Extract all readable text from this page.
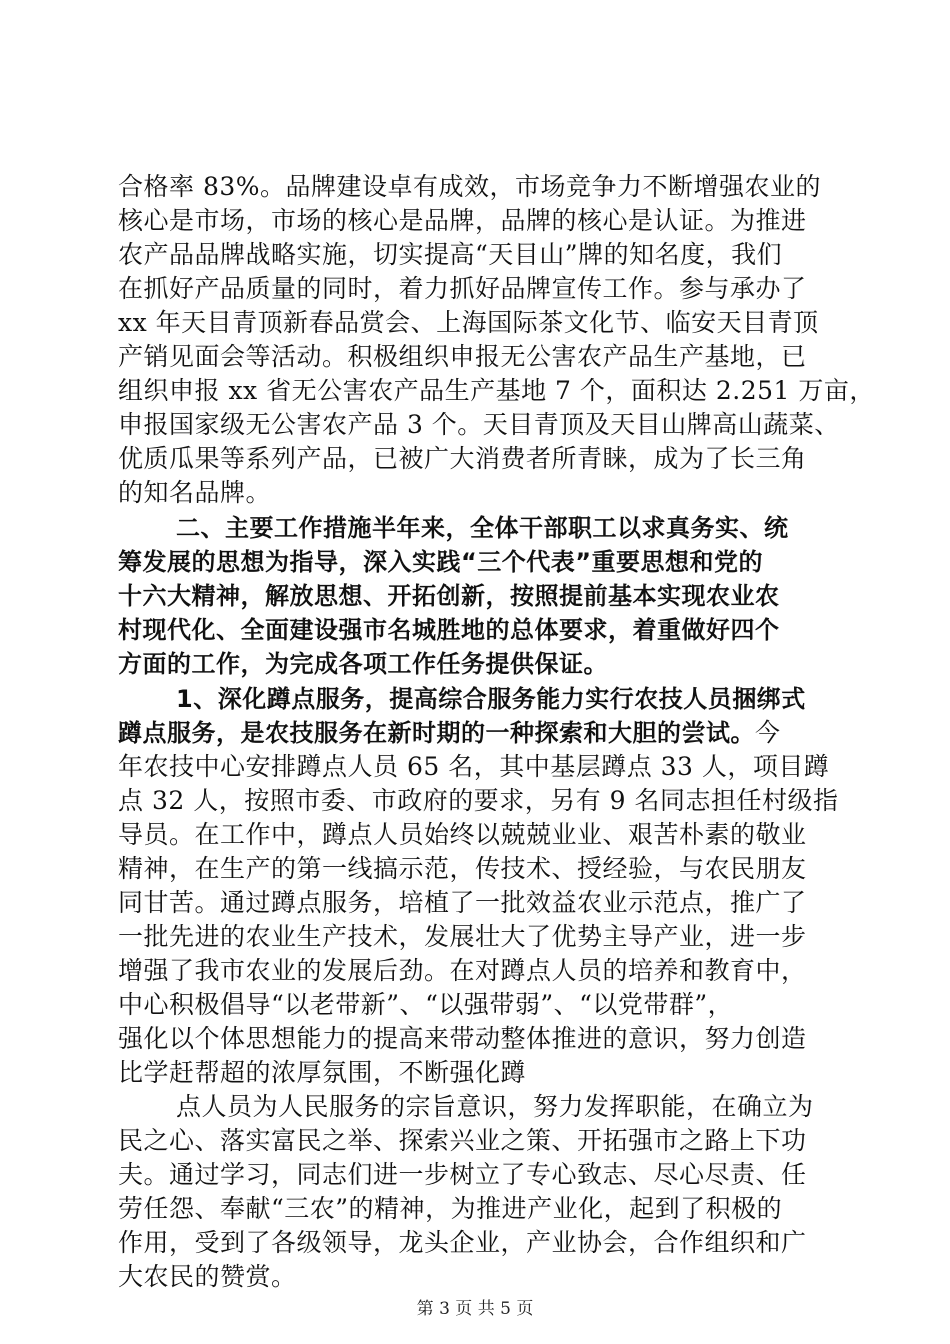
合格率 83%。品牌建设卓有成效，市场竞争力不断增强农业的
核心是市场，市场的核心是品牌，品牌的核心是认证。为推进
农产品品牌战略实施，切实提高“天目山”牌的知名度，我们
在抓好产品质量的同时，着力抓好品牌宣传工作。参与承办了
xx 年天目青顶新春品赏会、上海国际茶文化节、临安天目青顶
产销见面会等活动。积极组织申报无公害农产品生产基地，已
组织申报 xx 省无公害农产品生产基地 7 个，面积达 2.251 万亩，
申报国家级无公害农产品 3 个。天目青顶及天目山牌高山蔬菜、
优质瓜果等系列产品，已被广大消费者所青睐，成为了长三角
的知名品牌。
二、主要工作措施半年来，全体干部职工以求真务实、统
筹发展的思想为指导，深入实践“三个代表”重要思想和党的
十六大精神，解放思想、开拓创新，按照提前基本实现农业农
村现代化、全面建设强市名城胜地的总体要求，着重做好四个
方面的工作，为完成各项工作任务提供保证。
1、深化蹲点服务，提高综合服务能力实行农技人员捆绑式
蹲点服务，是农技服务在新时期的一种探索和大胆的尝试。今
年农技中心安排蹲点人员 65 名，其中基层蹲点 33 人，项目蹲
点 32 人，按照市委、市政府的要求，另有 9 名同志担任村级指
导员。在工作中，蹲点人员始终以兢兢业业、艰苦朴素的敬业
精神，在生产的第一线搞示范，传技术、授经验，与农民朋友
同甘苦。通过蹲点服务，培植了一批效益农业示范点，推广了
一批先进的农业生产技术，发展壮大了优势主导产业，进一步
增强了我市农业的发展后劲。在对蹲点人员的培养和教育中，
中心积极倡导“以老带新”、“以强带弱”、“以党带群”，
强化以个体思想能力的提高来带动整体推进的意识，努力创造
比学赶帮超的浓厚氛围，不断强化蹲
点人员为人民服务的宗旨意识，努力发挥职能，在确立为
民之心、落实富民之举、探索兴业之策、开拓强市之路上下功
夫。通过学习，同志们进一步树立了专心致志、尽心尽责、任
劳任怨、奉献“三农”的精神，为推进产业化，起到了积极的
作用，受到了各级领导，龙头企业，产业协会，合作组织和广
大农民的赞赏。
第 3 页 共 5 页
